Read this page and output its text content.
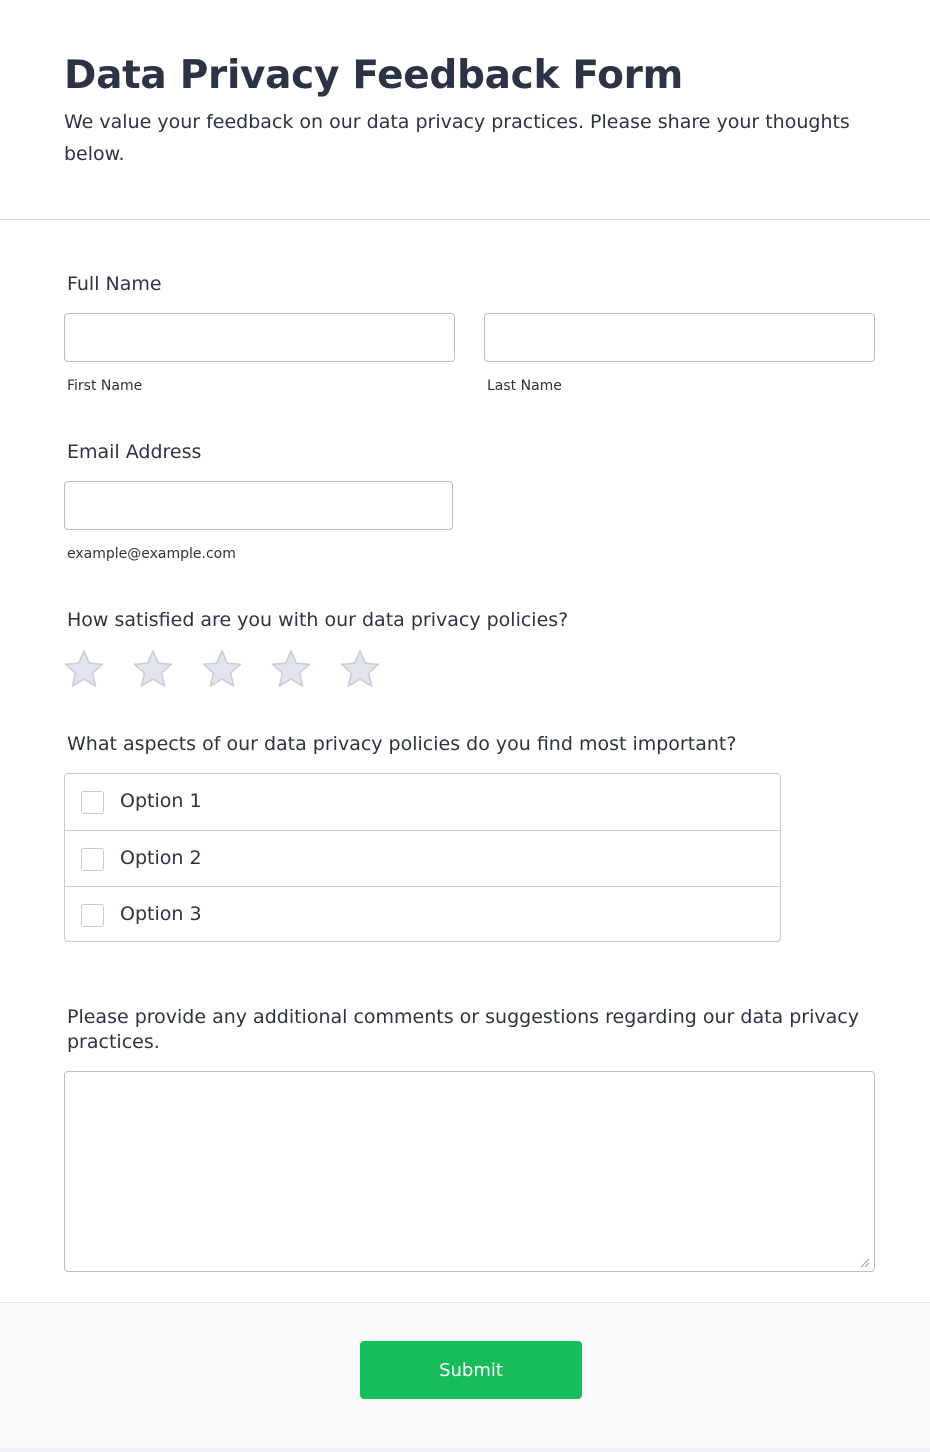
Data Privacy Feedback Form

We value your feedback on our data privacy practices. Please share your thoughts below.

Full Name
First Name	Last Name
Email Address
example@example.com
How satisfied are you with our data privacy policies?
What aspects of our data privacy policies do you find most important?
Option 1
Option 2
Option 3
Please provide any additional comments or suggestions regarding our data privacy practices.
Submit
